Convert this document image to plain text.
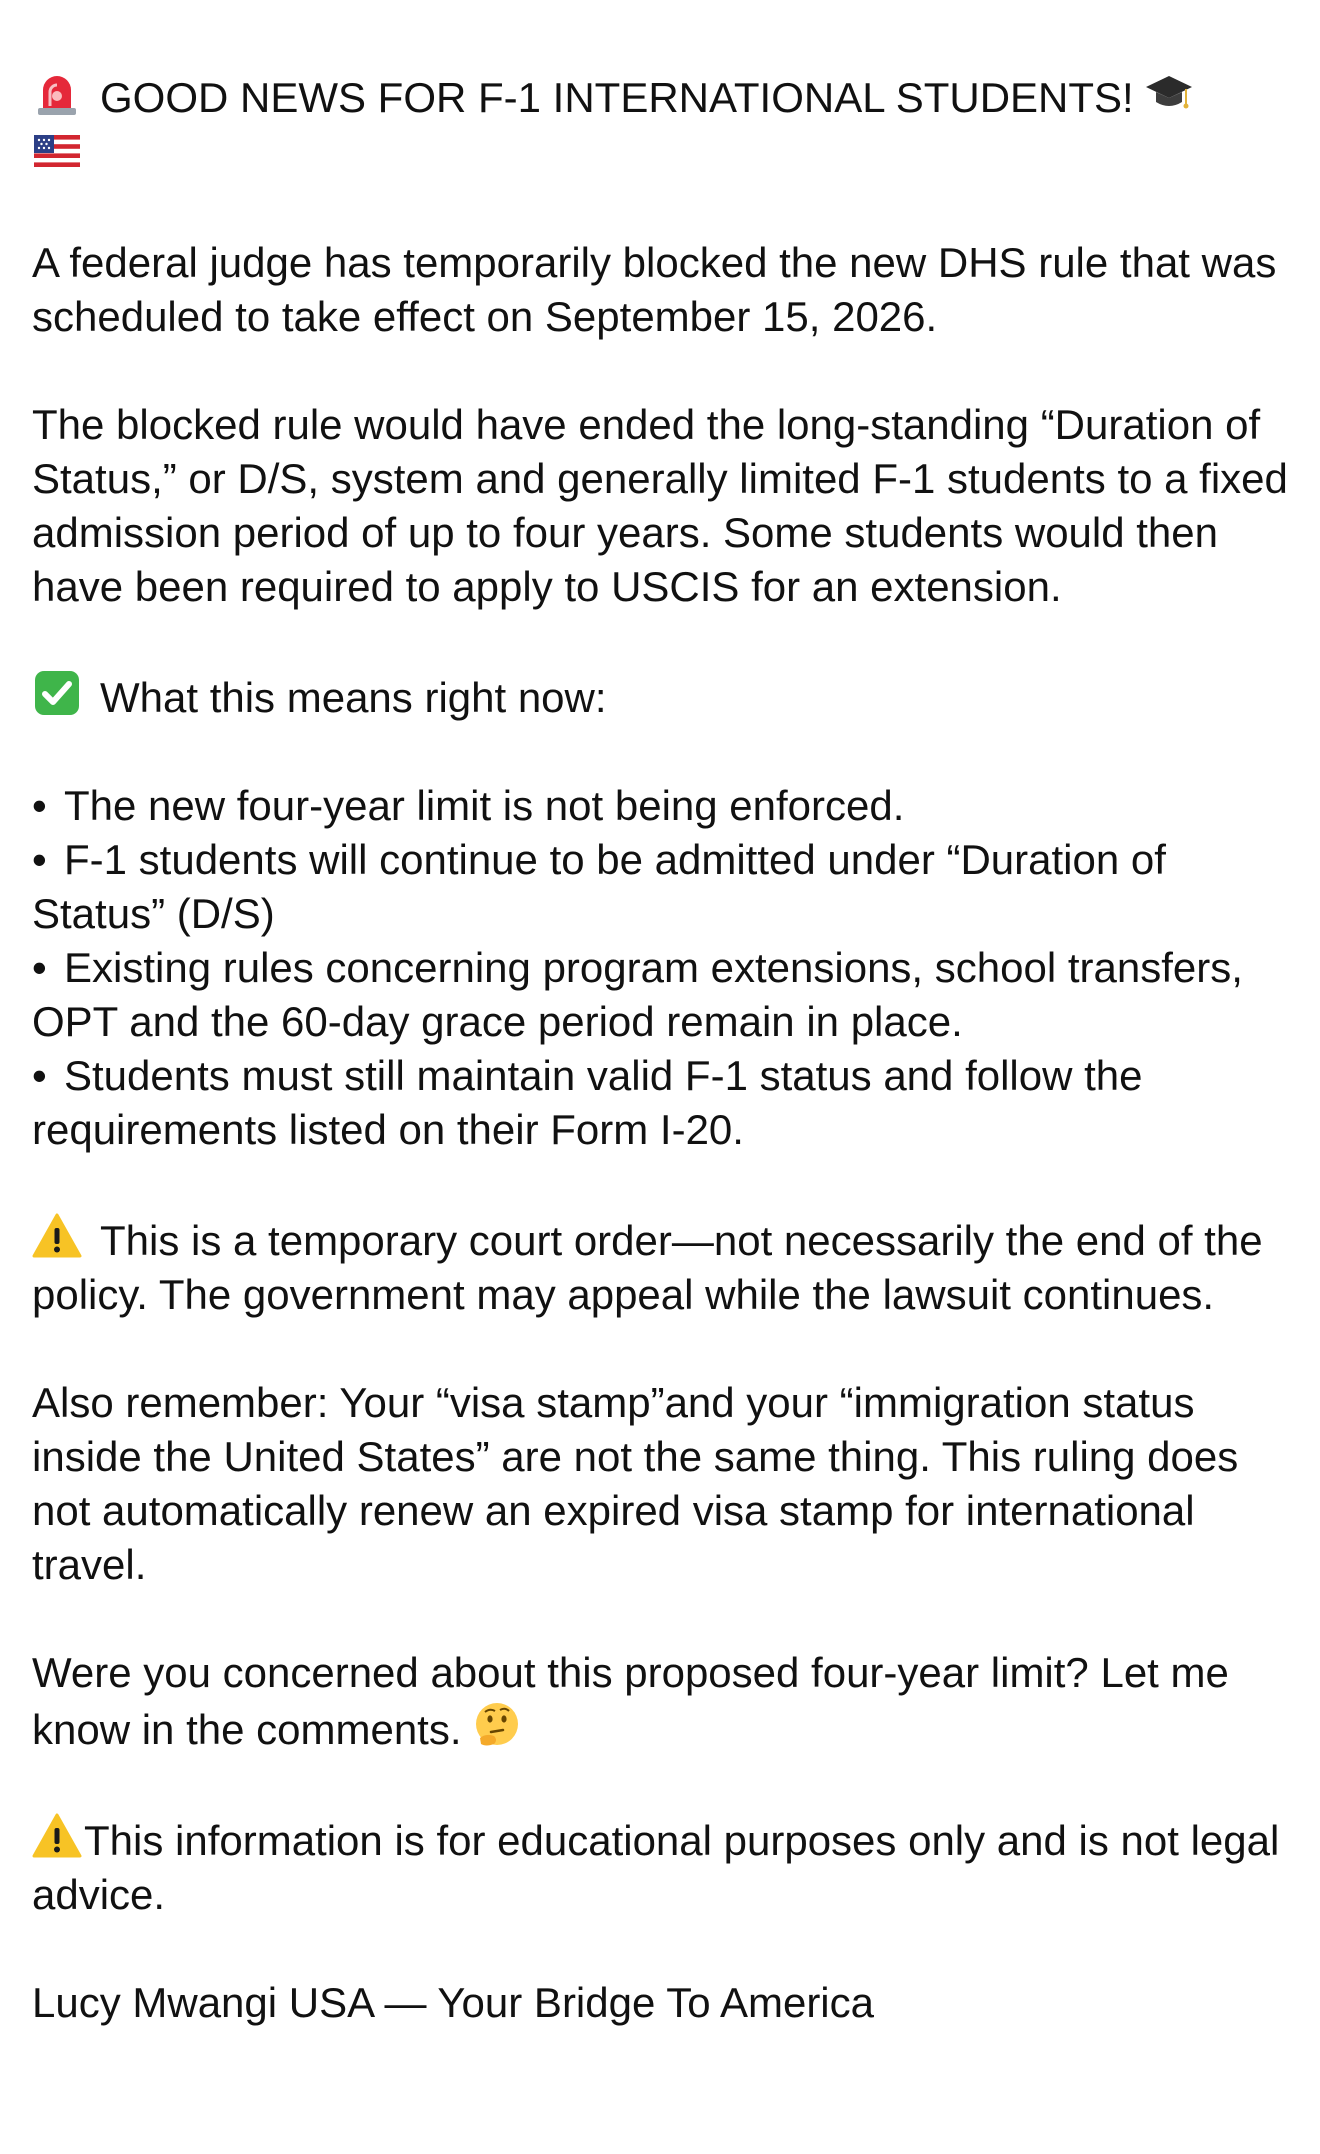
GOOD NEWS FOR F-1 INTERNATIONAL STUDENTS!

A federal judge has temporarily blocked the new DHS rule that was scheduled to take effect on September 15, 2026.

The blocked rule would have ended the long-standing “Duration of Status,” or D/S, system and generally limited F-1 students to a fixed admission period of up to four years. Some students would then have been required to apply to USCIS for an extension.

What this means right now:

• The new four-year limit is not being enforced.

• F-1 students will continue to be admitted under “Duration of Status” (D/S)

• Existing rules concerning program extensions, school transfers, OPT and the 60-day grace period remain in place.

• Students must still maintain valid F-1 status and follow the requirements listed on their Form I-20.

This is a temporary court order—not necessarily the end of the policy. The government may appeal while the lawsuit continues.

Also remember: Your “visa stamp”and your “immigration status inside the United States” are not the same thing. This ruling does not automatically renew an expired visa stamp for international travel.

Were you concerned about this proposed four-year limit? Let me know in the comments.

This information is for educational purposes only and is not legal advice.

Lucy Mwangi USA — Your Bridge To America
